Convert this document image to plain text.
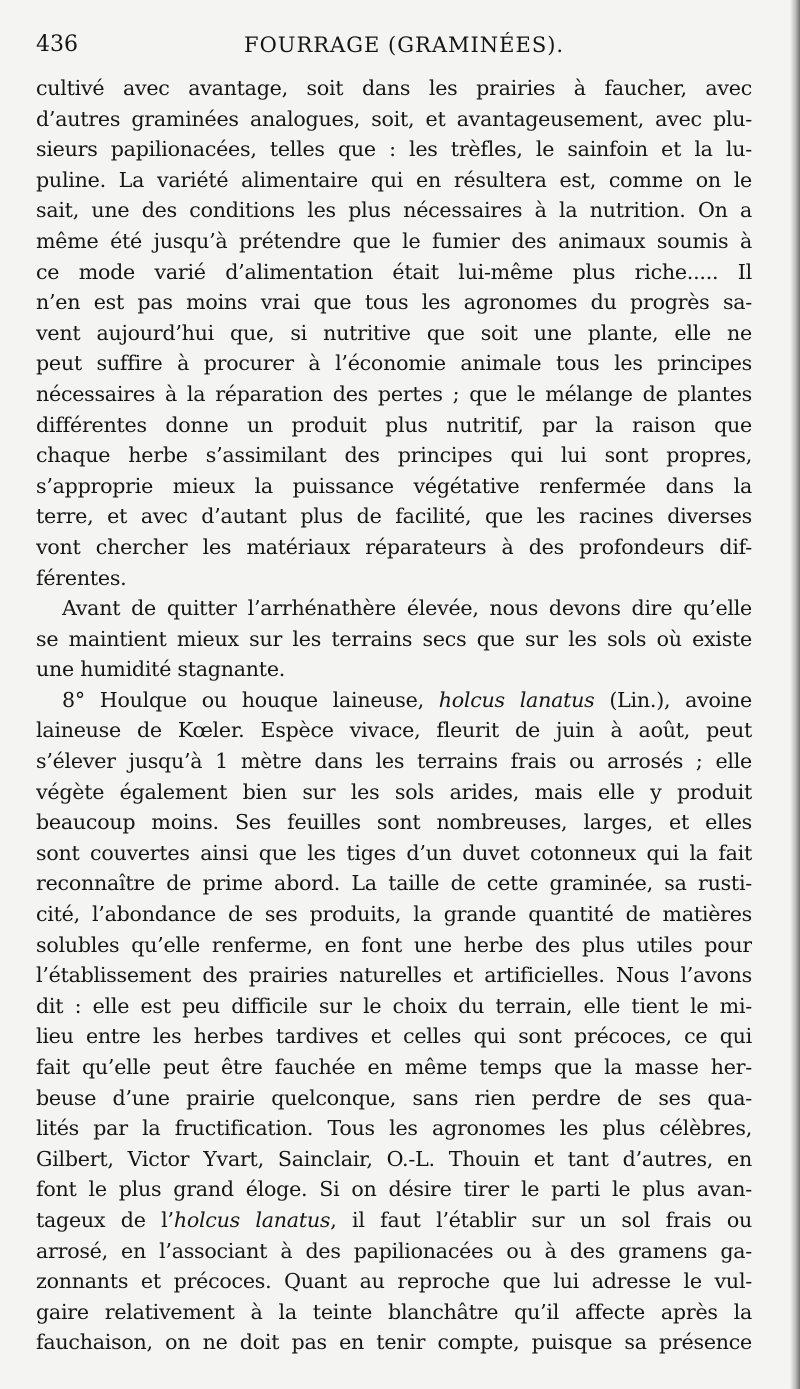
436	FOURRAGE (GRAMINÉES).
cultivé avec avantage, soit dans les prairies à faucher, avec
d’autres graminées analogues, soit, et avantageusement, avec plu-
sieurs papilionacées, telles que : les trèfles, le sainfoin et la lu-
puline. La variété alimentaire qui en résultera est, comme on le
sait, une des conditions les plus nécessaires à la nutrition. On a
même été jusqu’à prétendre que le fumier des animaux soumis à
ce mode varié d’alimentation était lui-même plus riche..... Il
n’en est pas moins vrai que tous les agronomes du progrès sa-
vent aujourd’hui que, si nutritive que soit une plante, elle ne
peut suffire à procurer à l’économie animale tous les principes
nécessaires à la réparation des pertes ; que le mélange de plantes
différentes donne un produit plus nutritif, par la raison que
chaque herbe s’assimilant des principes qui lui sont propres,
s’approprie mieux la puissance végétative renfermée dans la
terre, et avec d’autant plus de facilité, que les racines diverses
vont chercher les matériaux réparateurs à des profondeurs dif-
férentes.
Avant de quitter l’arrhénathère élevée, nous devons dire qu’elle
se maintient mieux sur les terrains secs que sur les sols où existe
une humidité stagnante.
8° Houlque ou houque laineuse, holcus lanatus (Lin.), avoine
laineuse de Kœler. Espèce vivace, fleurit de juin à août, peut
s’élever jusqu’à 1 mètre dans les terrains frais ou arrosés ; elle
végète également bien sur les sols arides, mais elle y produit
beaucoup moins. Ses feuilles sont nombreuses, larges, et elles
sont couvertes ainsi que les tiges d’un duvet cotonneux qui la fait
reconnaître de prime abord. La taille de cette graminée, sa rusti-
cité, l’abondance de ses produits, la grande quantité de matières
solubles qu’elle renferme, en font une herbe des plus utiles pour
l’établissement des prairies naturelles et artificielles. Nous l’avons
dit : elle est peu difficile sur le choix du terrain, elle tient le mi-
lieu entre les herbes tardives et celles qui sont précoces, ce qui
fait qu’elle peut être fauchée en même temps que la masse her-
beuse d’une prairie quelconque, sans rien perdre de ses qua-
lités par la fructification. Tous les agronomes les plus célèbres,
Gilbert, Victor Yvart, Sainclair, O.-L. Thouin et tant d’autres, en
font le plus grand éloge. Si on désire tirer le parti le plus avan-
tageux de l’holcus lanatus, il faut l’établir sur un sol frais ou
arrosé, en l’associant à des papilionacées ou à des gramens ga-
zonnants et précoces. Quant au reproche que lui adresse le vul-
gaire relativement à la teinte blanchâtre qu’il affecte après la
fauchaison, on ne doit pas en tenir compte, puisque sa présence
